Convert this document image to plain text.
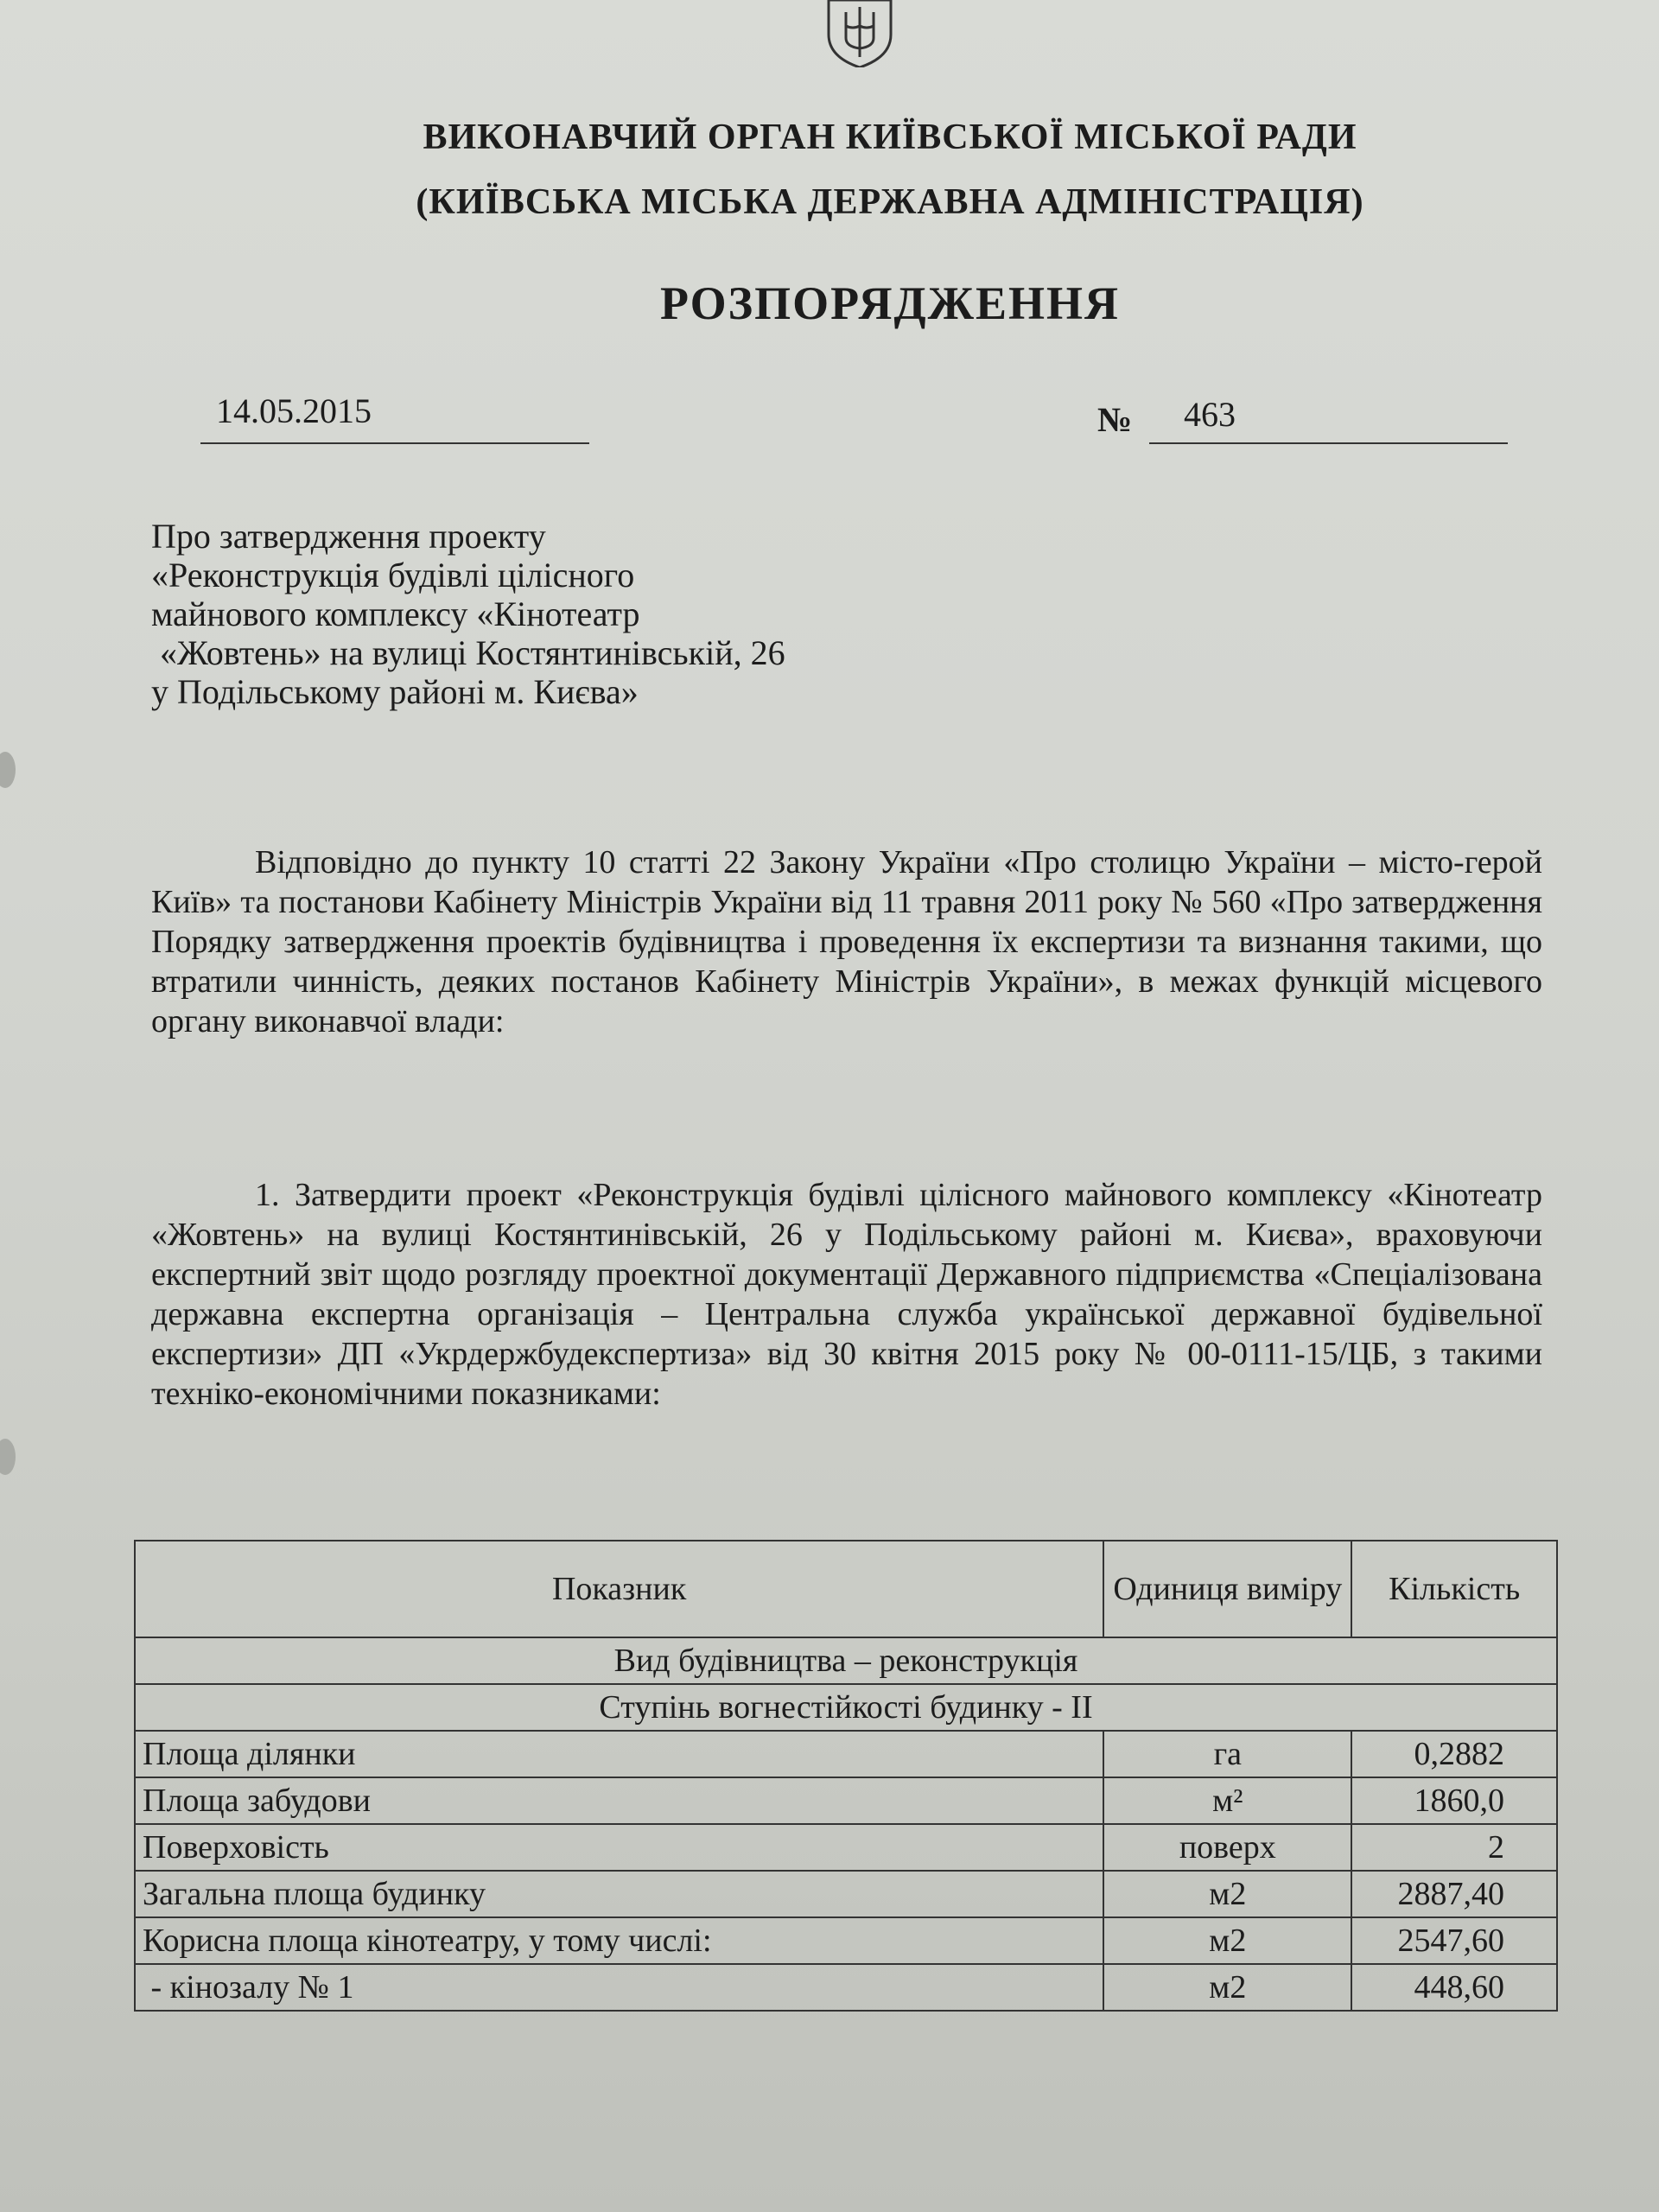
ВИКОНАВЧИЙ ОРГАН КИЇВСЬКОЇ МІСЬКОЇ РАДИ
(КИЇВСЬКА МІСЬКА ДЕРЖАВНА АДМІНІСТРАЦІЯ)
РОЗПОРЯДЖЕННЯ
14.05.2015	№ 463
Про затвердження проекту
«Реконструкція будівлі цілісного
майнового комплексу «Кінотеатр
«Жовтень» на вулиці Костянтинівській, 26
у Подільському районі м. Києва»
Відповідно до пункту 10 статті 22 Закону України «Про столицю України – місто-герой Київ» та постанови Кабінету Міністрів України від 11 травня 2011 року № 560 «Про затвердження Порядку затвердження проектів будівництва і проведення їх експертизи та визнання такими, що втратили чинність, деяких постанов Кабінету Міністрів України», в межах функцій місцевого органу виконавчої влади:
1. Затвердити проект «Реконструкція будівлі цілісного майнового комплексу «Кінотеатр «Жовтень» на вулиці Костянтинівській, 26 у Подільському районі м. Києва», враховуючи експертний звіт щодо розгляду проектної документації Державного підприємства «Спеціалізована державна експертна організація – Центральна служба української державної будівельної експертизи» ДП «Укрдержбудекспертиза» від 30 квітня 2015 року № 00-0111-15/ЦБ, з такими техніко-економічними показниками:
Показник	Одиниця виміру	Кількість
Вид будівництва – реконструкція		
Ступінь вогнестійкості будинку - II		
Площа ділянки	га	0,2882
Площа забудови	м²	1860,0
Поверховість	поверх	2
Загальна площа будинку	м2	2887,40
Корисна площа кінотеатру, у тому числі:	м2	2547,60
- кінозалу № 1	м2	448,60
